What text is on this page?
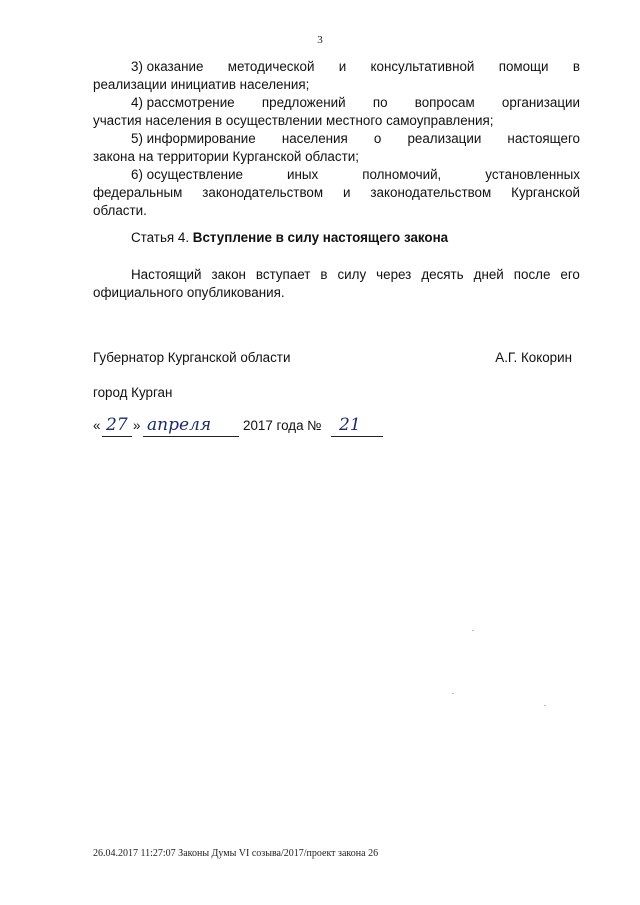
3
3) оказание методической и консультативной помощи в
реализации инициатив населения;
4) рассмотрение предложений по вопросам организации
участия населения в осуществлении местного самоуправления;
5) информирование населения о реализации настоящего
закона на территории Курганской области;
6) осуществление	иных	полномочий,	установленных
федеральным законодательством и законодательством Курганской
области.
Статья 4. Вступление в силу настоящего закона
Настоящий закон вступает в силу через десять дней после его
официального опубликования.
Губернатор Курганской области	А.Г. Кокорин
город Курган
« 27 » апреля 2017 года № 21
26.04.2017 11:27:07 Законы Думы VI созыва/2017/проект закона 26
